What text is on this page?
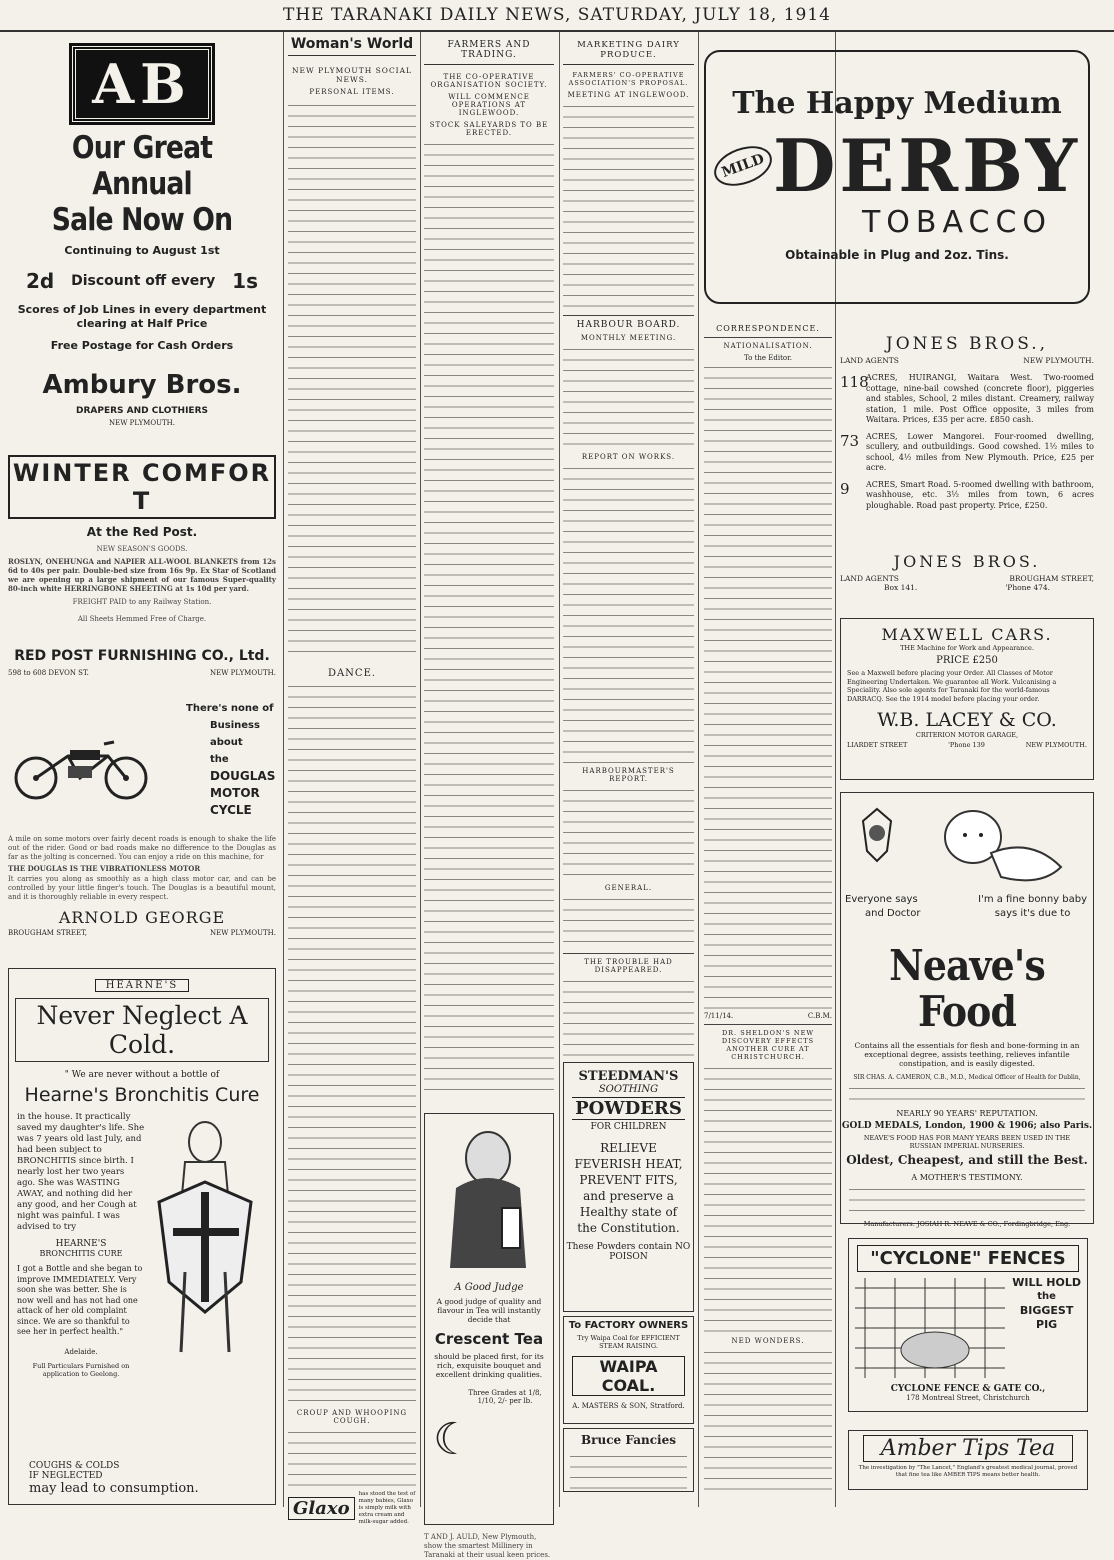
THE TARANAKI DAILY NEWS, SATURDAY, JULY 18, 1914
AB
Our Great Annual
Sale Now On
Continuing to August 1st
2d Discount off every 1s
Scores of Job Lines in every department clearing at Half Price
Free Postage for Cash Orders
Ambury Bros.
DRAPERS AND CLOTHIERS
NEW PLYMOUTH.
WINTER COMFOR T
At the Red Post.
NEW SEASON'S GOODS.
ROSLYN, ONEHUNGA and NAPIER ALL-WOOL BLANKETS from 12s 6d to 40s per pair. Double-bed size from 16s 9p. Ex Star of Scotland we are opening up a large shipment of our famous Super-quality 80-inch white HERRINGBONE SHEETING at 1s 10d per yard.
FREIGHT PAID to any Railway Station.
All Sheets Hemmed Free of Charge.
RED POST FURNISHING CO., Ltd.
598 to 608 DEVON ST.	NEW PLYMOUTH.
There's none of
Business about
the
DOUGLAS
MOTOR
CYCLE
A mile on some motors over fairly decent roads is enough to shake the life out of the rider. Good or bad roads make no difference to the Douglas as far as the jolting is concerned. You can enjoy a ride on this machine, for
THE DOUGLAS IS THE VIBRATIONLESS MOTOR
It carries you along as smoothly as a high class motor car, and can be controlled by your little finger's touch. The Douglas is a beautiful mount, and it is thoroughly reliable in every respect.
ARNOLD GEORGE
BROUGHAM STREET,	NEW PLYMOUTH.
HEARNE'S
Never Neglect A Cold.
" We are never without a bottle of
Hearne's Bronchitis Cure
in the house. It practically saved my daughter's life. She was 7 years old last July, and had been subject to BRONCHITIS since birth. I nearly lost her two years ago. She was WASTING AWAY, and nothing did her any good, and her Cough at night was painful. I was advised to try
HEARNE'S
BRONCHITIS CURE
I got a Bottle and she began to improve IMMEDIATELY. Very soon she was better. She is now well and has not had one attack of her old complaint since. We are so thankful to see her in perfect health."
Adelaide.
Full Particulars Furnished on application to Geelong.
COUGHS & COLDS
IF NEGLECTED
may lead to consumption.
Woman's World
NEW PLYMOUTH SOCIAL NEWS.
PERSONAL ITEMS.
DANCE.
CROUP AND WHOOPING COUGH.
Glaxo
has stood the test of many babies, Glaxo is simply milk with extra cream and milk-sugar added.
FARMERS AND TRADING.
THE CO-OPERATIVE ORGANISATION SOCIETY.
WILL COMMENCE OPERATIONS AT INGLEWOOD.
STOCK SALEYARDS TO BE ERECTED.
A Good Judge
A good judge of quality and flavour in Tea will instantly decide that
Crescent Tea
should be placed first, for its rich, exquisite bouquet and excellent drinking qualities.
☾
Three Grades at 1/8, 1/10, 2/- per lb.
T AND J. AULD, New Plymouth, show the smartest Millinery in Taranaki at their usual keen prices.
MARKETING DAIRY PRODUCE.
FARMERS' CO-OPERATIVE ASSOCIATION'S PROPOSAL.
MEETING AT INGLEWOOD.
HARBOUR BOARD.
MONTHLY MEETING.
REPORT ON WORKS.
HARBOURMASTER'S REPORT.
GENERAL.
THE TROUBLE HAD DISAPPEARED.
STEEDMAN'S
SOOTHING
POWDERS
FOR CHILDREN
RELIEVE FEVERISH HEAT, PREVENT FITS, and preserve a Healthy state of the Constitution.
These Powders contain NO POISON
To FACTORY OWNERS
Try Waipa Coal for EFFICIENT STEAM RAISING.
WAIPA COAL.
A. MASTERS & SON, Stratford.
Bruce Fancies
The Happy Medium
MILD DERBY
TOBACCO
Obtainable in Plug and 2oz. Tins.
CORRESPONDENCE.
NATIONALISATION.
To the Editor.
7/11/14.	C.B.M.
DR. SHELDON'S NEW DISCOVERY EFFECTS ANOTHER CURE AT CHRISTCHURCH.
NED WONDERS.
JONES BROS.,
LAND AGENTS	NEW PLYMOUTH.
118
ACRES, HUIRANGI, Waitara West. Two-roomed cottage, nine-bail cowshed (concrete floor), piggeries and stables, School, 2 miles distant. Creamery, railway station, 1 mile. Post Office opposite, 3 miles from Waitara. Prices, £35 per acre. £850 cash.
73 ACRES, Lower Mangorei. Four-roomed dwelling, scullery, and outbuildings. Good cowshed. 1½ miles to school, 4½ miles from New Plymouth. Price, £25 per acre.
9	ACRES, Smart Road. 5-roomed dwelling with bathroom, washhouse, etc. 3½ miles from town, 6 acres ploughable. Road past property. Price, £250.
JONES BROS.
LAND AGENTS	BROUGHAM STREET,
Box 141.	'Phone 474.
MAXWELL CARS.
THE Machine for Work and Appearance.
PRICE £250
See a Maxwell before placing your Order. All Classes of Motor Engineering Undertaken. We guarantee all Work. Vulcanising a Speciality. Also sole agents for Taranaki for the world-famous DARRACQ. See the 1914 model before placing your order.
W.B. LACEY & CO.
CRITERION MOTOR GARAGE,
LIARDET STREET	'Phone 139	NEW PLYMOUTH.
Everyone says
and Doctor
I'm a fine bonny baby
says it's due to
Neave's Food
Contains all the essentials for flesh and bone-forming in an exceptional degree, assists teething, relieves infantile constipation, and is easily digested.
SIR CHAS. A. CAMERON, C.B., M.D., Medical Officer of Health for Dublin,
NEARLY 90 YEARS' REPUTATION.
GOLD MEDALS, London, 1900 & 1906; also Paris.
NEAVE'S FOOD HAS FOR MANY YEARS BEEN USED IN THE RUSSIAN IMPERIAL NURSERIES.
Oldest, Cheapest, and still the Best.
A MOTHER'S TESTIMONY.
Manufacturers: JOSIAH R. NEAVE & CO., Fordingbridge, Eng.
"CYCLONE" FENCES
WILL HOLD
the
BIGGEST
PIG
CYCLONE FENCE & GATE CO.,
178 Montreal Street, Christchurch
Amber Tips Tea
The investigation by "The Lancet," England's greatest medical journal, proved that fine tea like AMBER TIPS means better health.
